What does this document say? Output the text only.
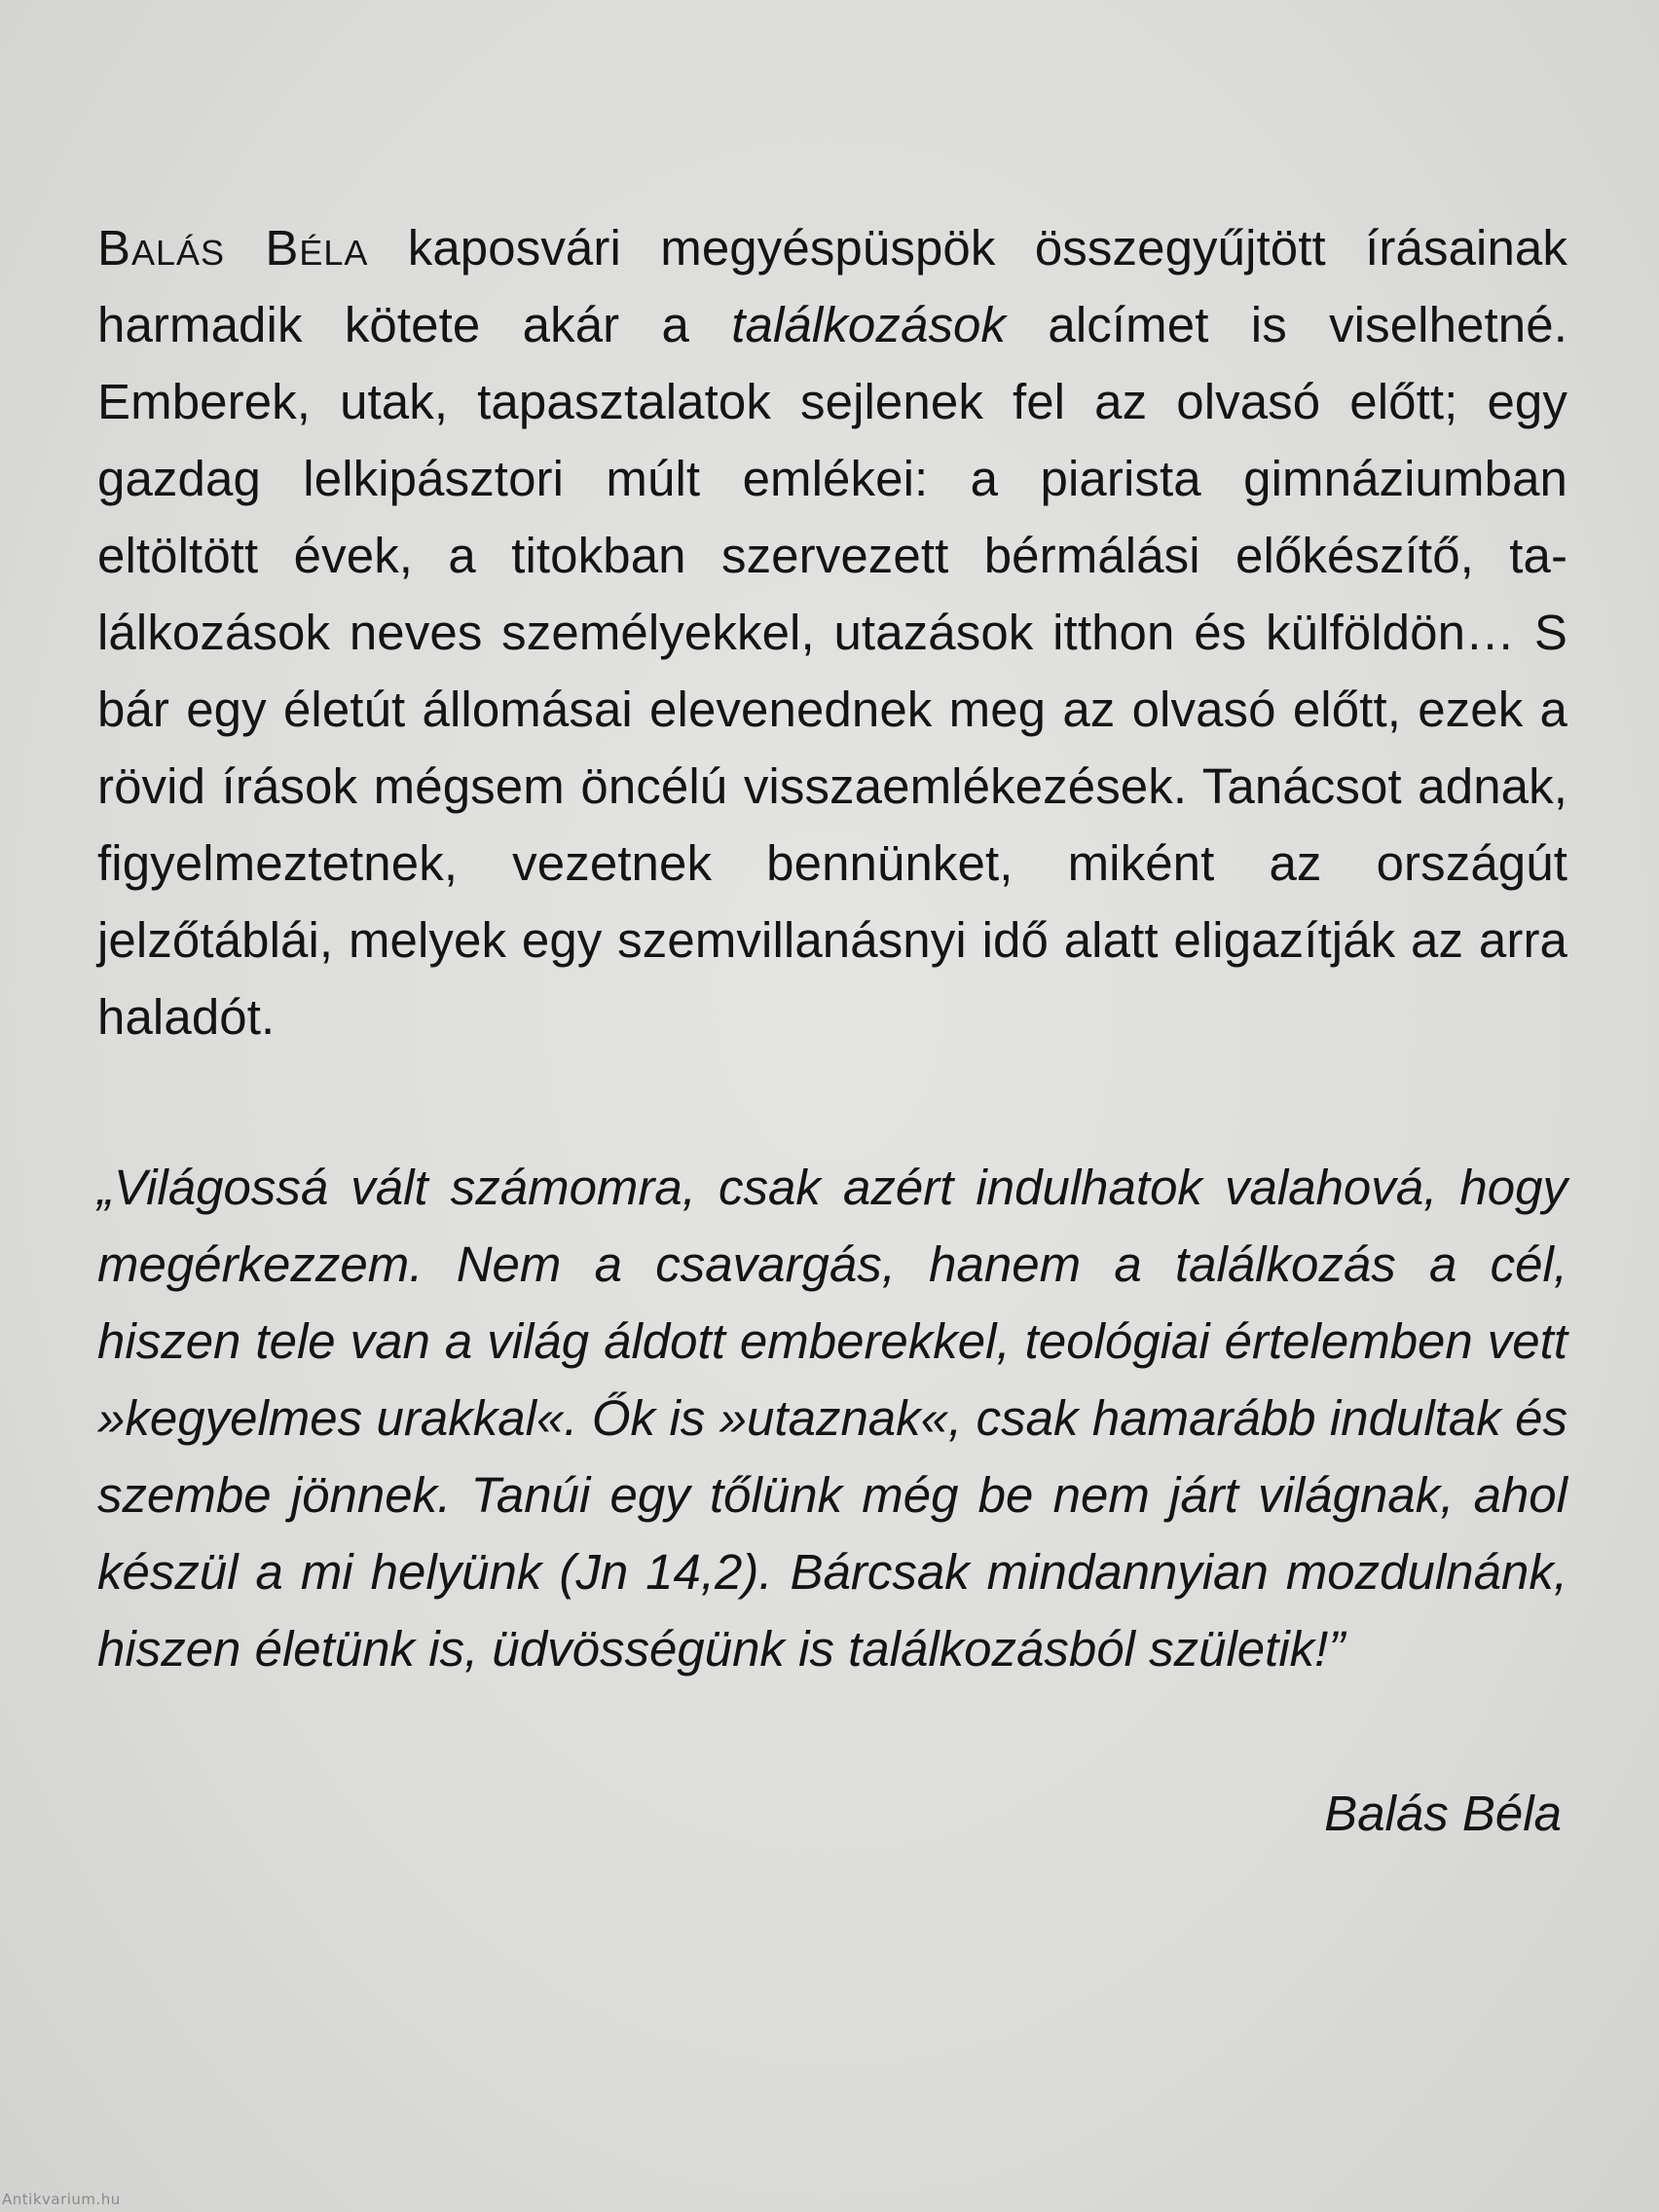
Balás Béla kaposvári megyéspüspök összegyűjtött írásainak harmadik kötete akár a találkozások alcímet is viselhetné. Emberek, utak, tapasztalatok sejlenek fel az olvasó előtt; egy gazdag lelkipásztori múlt emlékei: a piarista gimnáziumban eltöltött évek, a titokban szervezett bérmálási előkészítő, találkozások neves személyekkel, utazások itthon és külföldön… S bár egy életút állomásai elevenednek meg az olvasó előtt, ezek a rövid írások mégsem öncélú visszaemlékezések. Tanácsot adnak, figyelmeztetnek, vezetnek bennünket, miként az országút jelzőtáblái, melyek egy szemvillanásnyi idő alatt eligazítják az arra haladót.
„Világossá vált számomra, csak azért indulhatok valahová, hogy megérkezzem. Nem a csavargás, hanem a találkozás a cél, hiszen tele van a világ áldott emberekkel, teológiai értelemben vett »kegyelmes urakkal«. Ők is »utaznak«, csak hamarább indultak és szembe jönnek. Tanúi egy tőlünk még be nem járt világnak, ahol készül a mi helyünk (Jn 14,2). Bárcsak mindannyian mozdulnánk, hiszen életünk is, üdvösségünk is találkozásból születik!”
Balás Béla
Antikvarium.hu
